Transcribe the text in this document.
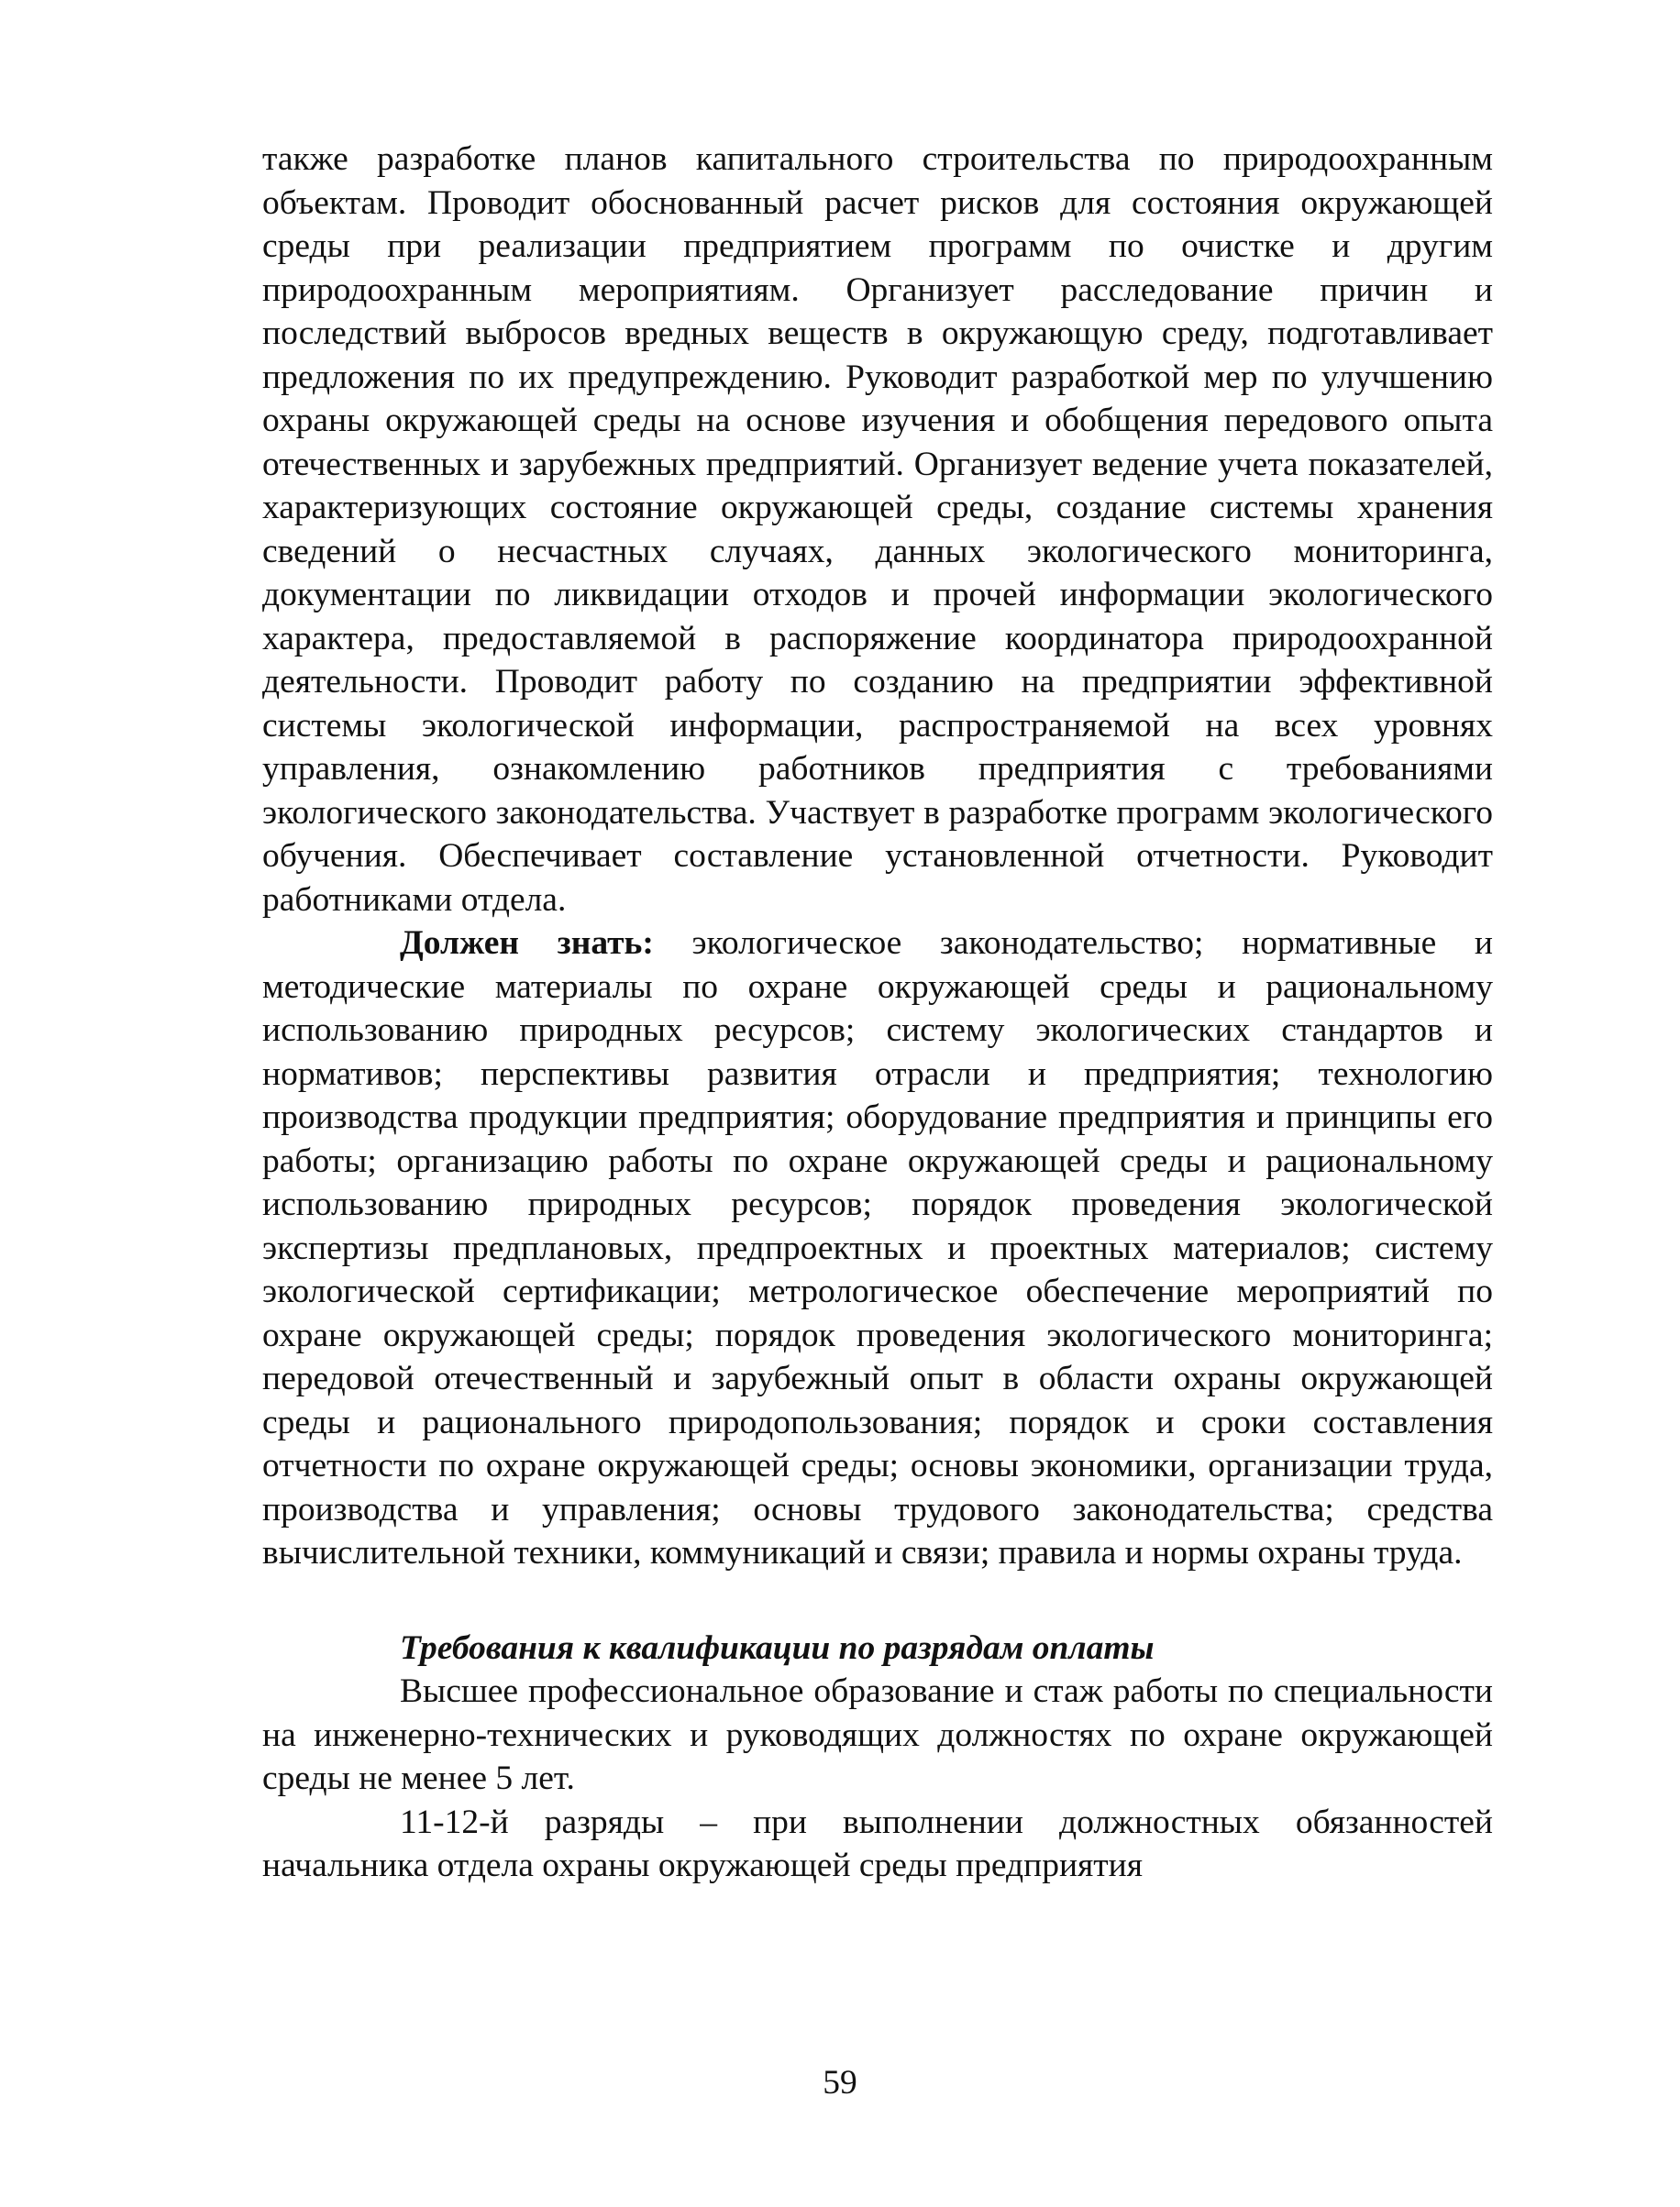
также разработке планов капитального строительства по природоохранным объектам. Проводит обоснованный расчет рисков для состояния окружающей среды при реализации предприятием программ по очистке и другим природоохранным мероприятиям. Организует расследование причин и последствий выбросов вредных веществ в окружающую среду, подготавливает предложения по их предупреждению. Руководит разработкой мер по улучшению охраны окружающей среды на основе изучения и обобщения передового опыта отечественных и зарубежных предприятий. Организует ведение учета показателей, характеризующих состояние окружающей среды, создание системы хранения сведений о несчастных случаях, данных экологического мониторинга, документации по ликвидации отходов и прочей информации экологического характера, предоставляемой в распоряжение координатора природоохранной деятельности. Проводит работу по созданию на предприятии эффективной системы экологической информации, распространяемой на всех уровнях управления, ознакомлению работников предприятия с требованиями экологического законодательства. Участвует в разработке программ экологического обучения. Обеспечивает составление установленной отчетности. Руководит работниками отдела.

Должен знать: экологическое законодательство; нормативные и методические материалы по охране окружающей среды и рациональному использованию природных ресурсов; систему экологических стандартов и нормативов; перспективы развития отрасли и предприятия; технологию производства продукции предприятия; оборудование предприятия и принципы его работы; организацию работы по охране окружающей среды и рациональному использованию природных ресурсов; порядок проведения экологической экспертизы предплановых, предпроектных и проектных материалов; систему экологической сертификации; метрологическое обеспечение мероприятий по охране окружающей среды; порядок проведения экологического мониторинга; передовой отечественный и зарубежный опыт в области охраны окружающей среды и рационального природопользования; порядок и сроки составления отчетности по охране окружающей среды; основы экономики, организации труда, производства и управления; основы трудового законодательства; средства вычислительной техники, коммуникаций и связи; правила и нормы охраны труда.

Требования к квалификации по разрядам оплаты

Высшее профессиональное образование и стаж работы по специальности на инженерно-технических и руководящих должностях по охране окружающей среды не менее 5 лет.

11-12-й разряды – при выполнении должностных обязанностей начальника отдела охраны окружающей среды предприятия

59
